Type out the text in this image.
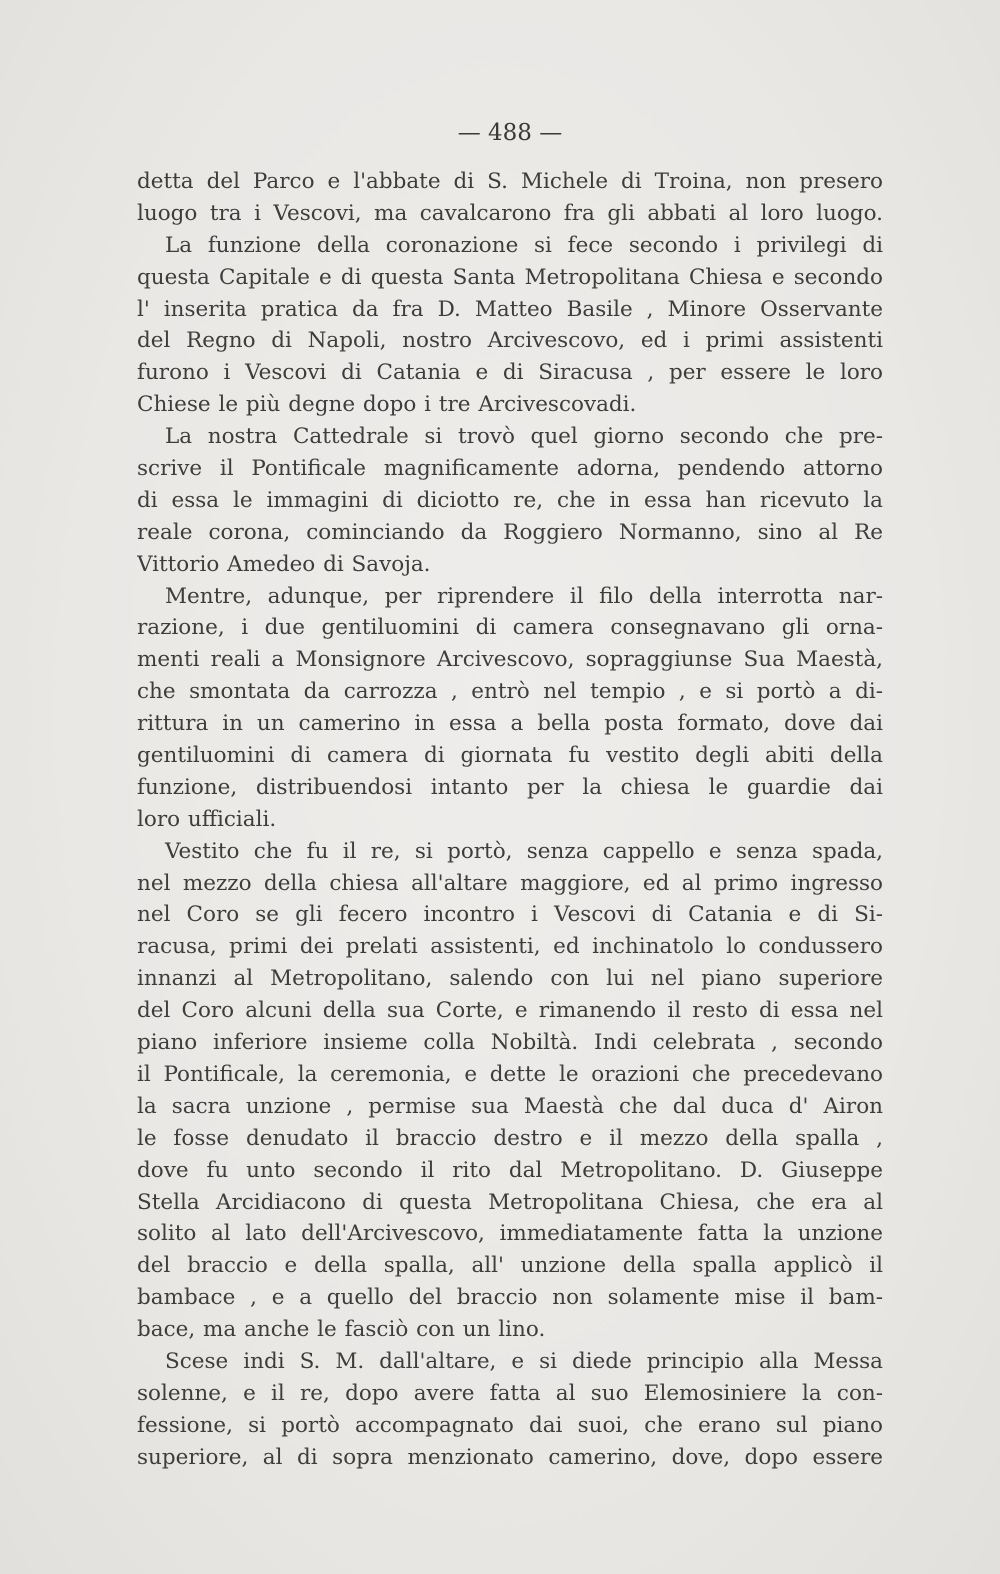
— 488 —
detta del Parco e l'abbate di S. Michele di Troina, non presero
luogo tra i Vescovi, ma cavalcarono fra gli abbati al loro luogo.
La funzione della coronazione si fece secondo i privilegi di
questa Capitale e di questa Santa Metropolitana Chiesa e secondo
l' inserita pratica da fra D. Matteo Basile , Minore Osservante
del Regno di Napoli, nostro Arcivescovo, ed i primi assistenti
furono i Vescovi di Catania e di Siracusa , per essere le loro
Chiese le più degne dopo i tre Arcivescovadi.
La nostra Cattedrale si trovò quel giorno secondo che pre-
scrive il Pontificale magnificamente adorna, pendendo attorno
di essa le immagini di diciotto re, che in essa han ricevuto la
reale corona, cominciando da Roggiero Normanno, sino al Re
Vittorio Amedeo di Savoja.
Mentre, adunque, per riprendere il filo della interrotta nar-
razione, i due gentiluomini di camera consegnavano gli orna-
menti reali a Monsignore Arcivescovo, sopraggiunse Sua Maestà,
che smontata da carrozza , entrò nel tempio , e si portò a di-
rittura in un camerino in essa a bella posta formato, dove dai
gentiluomini di camera di giornata fu vestito degli abiti della
funzione, distribuendosi intanto per la chiesa le guardie dai
loro ufficiali.
Vestito che fu il re, si portò, senza cappello e senza spada,
nel mezzo della chiesa all'altare maggiore, ed al primo ingresso
nel Coro se gli fecero incontro i Vescovi di Catania e di Si-
racusa, primi dei prelati assistenti, ed inchinatolo lo condussero
innanzi al Metropolitano, salendo con lui nel piano superiore
del Coro alcuni della sua Corte, e rimanendo il resto di essa nel
piano inferiore insieme colla Nobiltà. Indi celebrata , secondo
il Pontificale, la ceremonia, e dette le orazioni che precedevano
la sacra unzione , permise sua Maestà che dal duca d' Airon
le fosse denudato il braccio destro e il mezzo della spalla ,
dove fu unto secondo il rito dal Metropolitano. D. Giuseppe
Stella Arcidiacono di questa Metropolitana Chiesa, che era al
solito al lato dell'Arcivescovo, immediatamente fatta la unzione
del braccio e della spalla, all' unzione della spalla applicò il
bambace , e a quello del braccio non solamente mise il bam-
bace, ma anche le fasciò con un lino.
Scese indi S. M. dall'altare, e si diede principio alla Messa
solenne, e il re, dopo avere fatta al suo Elemosiniere la con-
fessione, si portò accompagnato dai suoi, che erano sul piano
superiore, al di sopra menzionato camerino, dove, dopo essere
